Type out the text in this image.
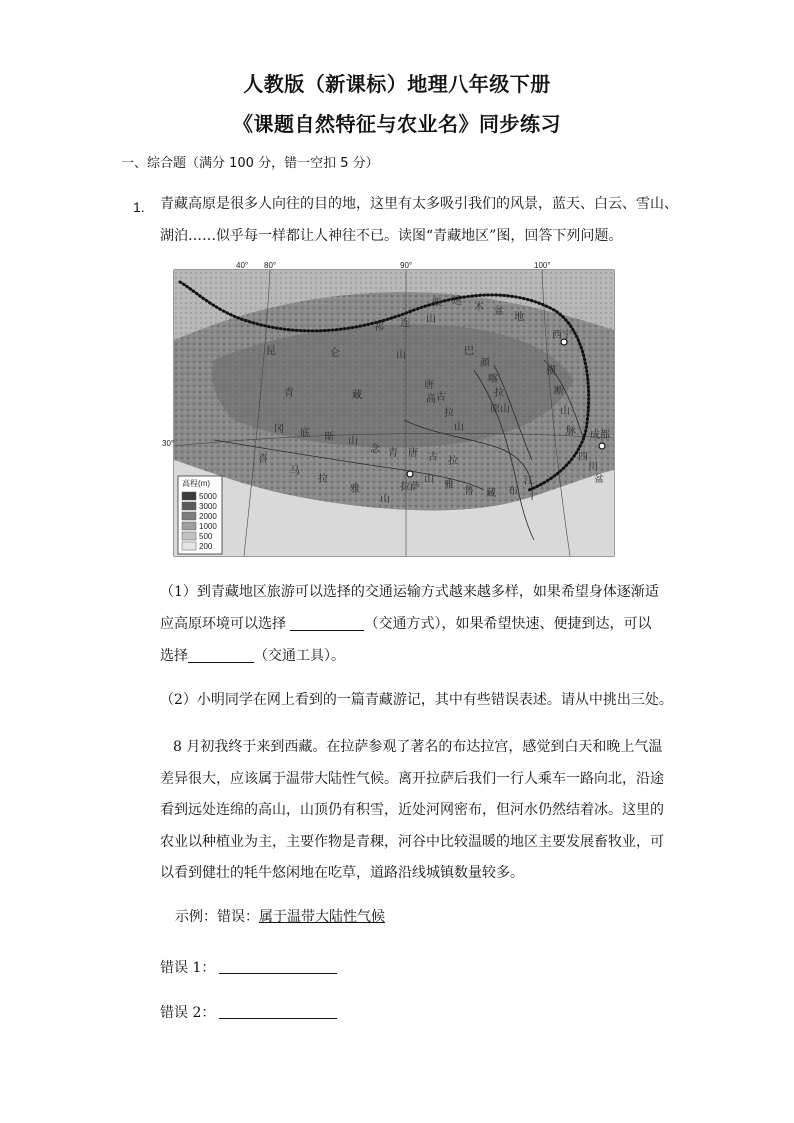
人教版（新课标）地理八年级下册
《课题自然特征与农业名》同步练习
一、综合题（满分 100 分，错一空扣 5 分）
1. 青藏高原是很多人向往的目的地，这里有太多吸引我们的风景，蓝天、白云、雪山、
湖泊……似乎每一样都让人神往不已。读图“青藏地区”图，回答下列问题。
40° 80°	90°	100°
30°
拉萨
西宁
成都
昆	仑	山
青	藏	高
原
喜
马
拉
雅
山
祁 连 山
柴 达
木 盆
地
横
断
山
脉
巴
颜
喀
拉
山
唐
古
拉
山
冈 底 斯 山
念 青 唐 古 拉
山
雅
鲁 藏 布
江
四
川
盆
高程(m)
5000
3000
2000
1000
500
200
（1）到青藏地区旅游可以选择的交通运输方式越来越多样，如果希望身体逐渐适
应高原环境可以选择	（交通方式），如果希望快速、便捷到达，可以
选择	（交通工具）。
（2）小明同学在网上看到的一篇青藏游记，其中有些错误表述。请从中挑出三处。
8 月初我终于来到西藏。在拉萨参观了著名的布达拉宫，感觉到白天和晚上气温差异很大，应该属于温带大陆性气候。离开拉萨后我们一行人乘车一路向北，沿途看到远处连绵的高山，山顶仍有积雪，近处河网密布，但河水仍然结着冰。这里的农业以种植业为主，主要作物是青稞，河谷中比较温暖的地区主要发展畜牧业，可以看到健壮的牦牛悠闲地在吃草，道路沿线城镇数量较多。
示例：错误：属于温带大陆性气候
错误 1：
错误 2：
